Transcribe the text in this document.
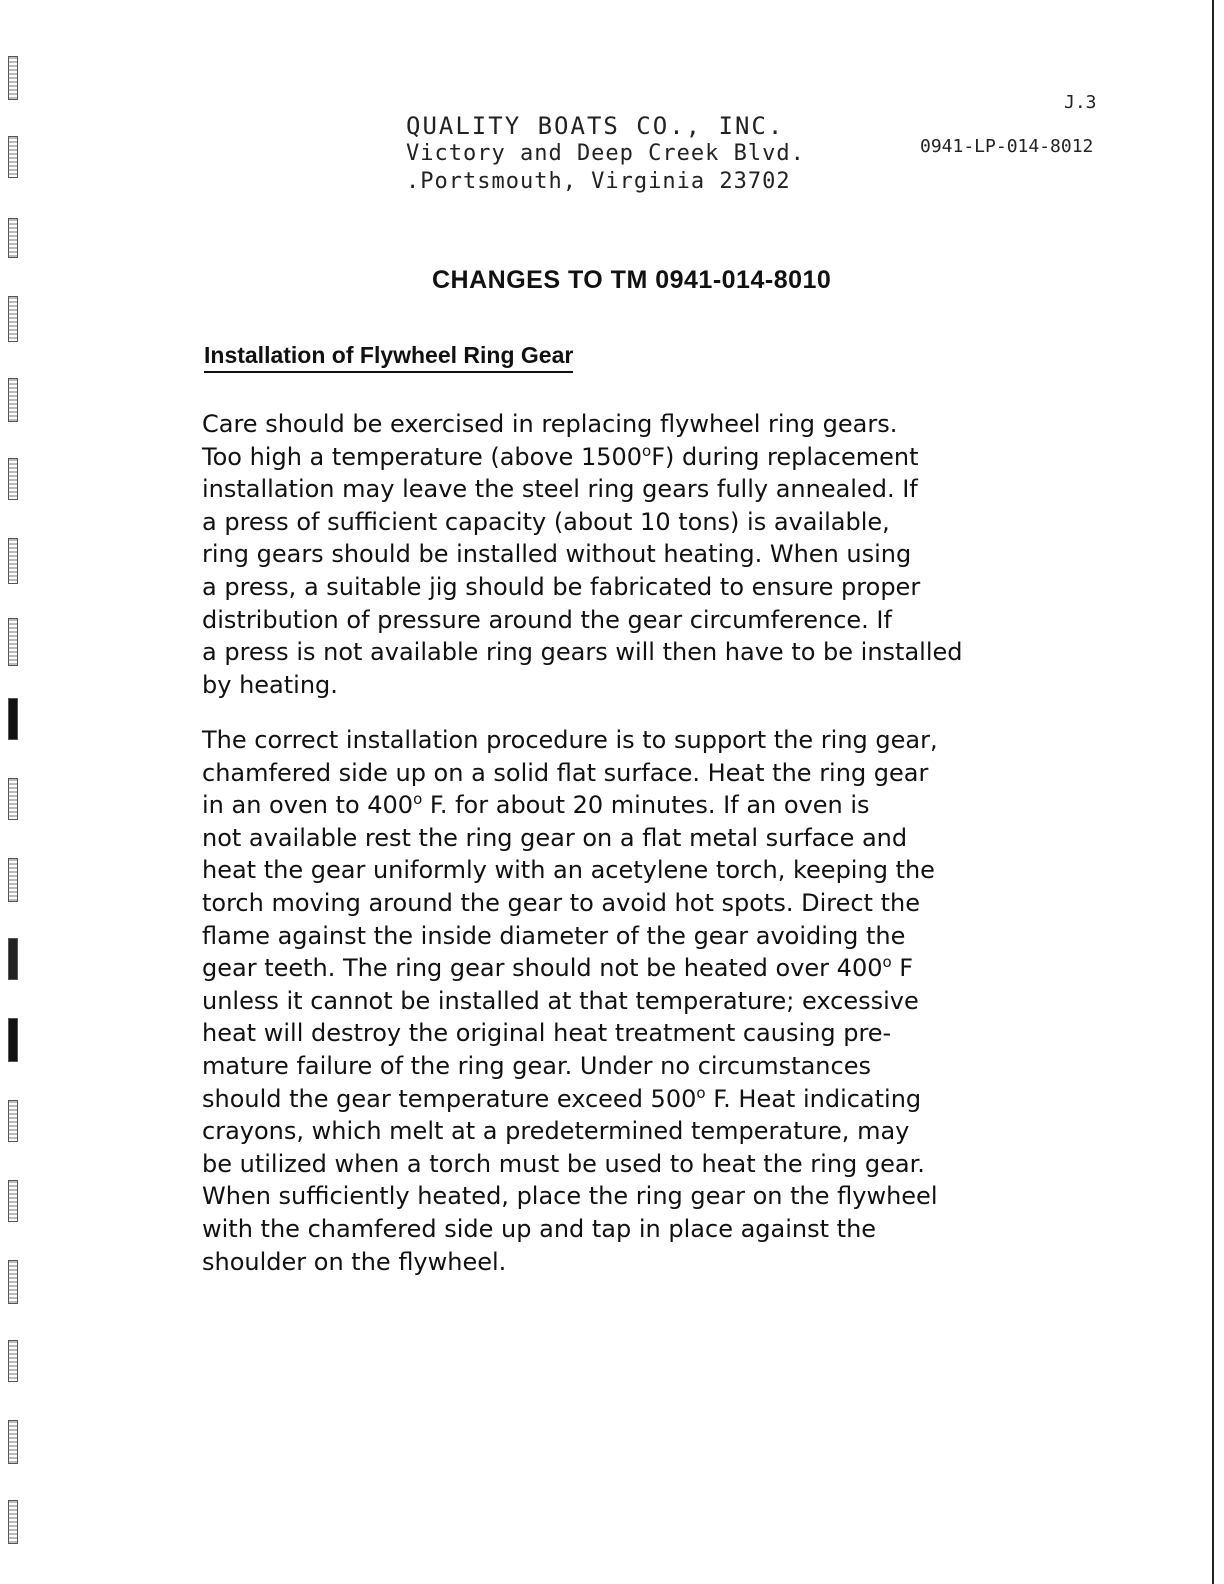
J.3
0941-LP-014-8012
QUALITY BOATS CO., INC.
Victory and Deep Creek Blvd.
.Portsmouth, Virginia 23702
CHANGES TO TM 0941-014-8010
Installation of Flywheel Ring Gear
Care should be exercised in replacing flywheel ring gears.
Too high a temperature (above 1500$^o$F) during replacement
installation may leave the steel ring gears fully annealed. If
a press of sufficient capacity (about 10 tons) is available,
ring gears should be installed without heating. When using
a press, a suitable jig should be fabricated to ensure proper
distribution of pressure around the gear circumference. If
a press is not available ring gears will then have to be installed
by heating.
The correct installation procedure is to support the ring gear,
chamfered side up on a solid flat surface. Heat the ring gear
in an oven to 400$^o$ F. for about 20 minutes. If an oven is
not available rest the ring gear on a flat metal surface and
heat the gear uniformly with an acetylene torch, keeping the
torch moving around the gear to avoid hot spots. Direct the
flame against the inside diameter of the gear avoiding the
gear teeth. The ring gear should not be heated over 400$^o$ F
unless it cannot be installed at that temperature; excessive
heat will destroy the original heat treatment causing pre-
mature failure of the ring gear. Under no circumstances
should the gear temperature exceed 500$^o$ F. Heat indicating
crayons, which melt at a predetermined temperature, may
be utilized when a torch must be used to heat the ring gear.
When sufficiently heated, place the ring gear on the flywheel
with the chamfered side up and tap in place against the
shoulder on the flywheel.
